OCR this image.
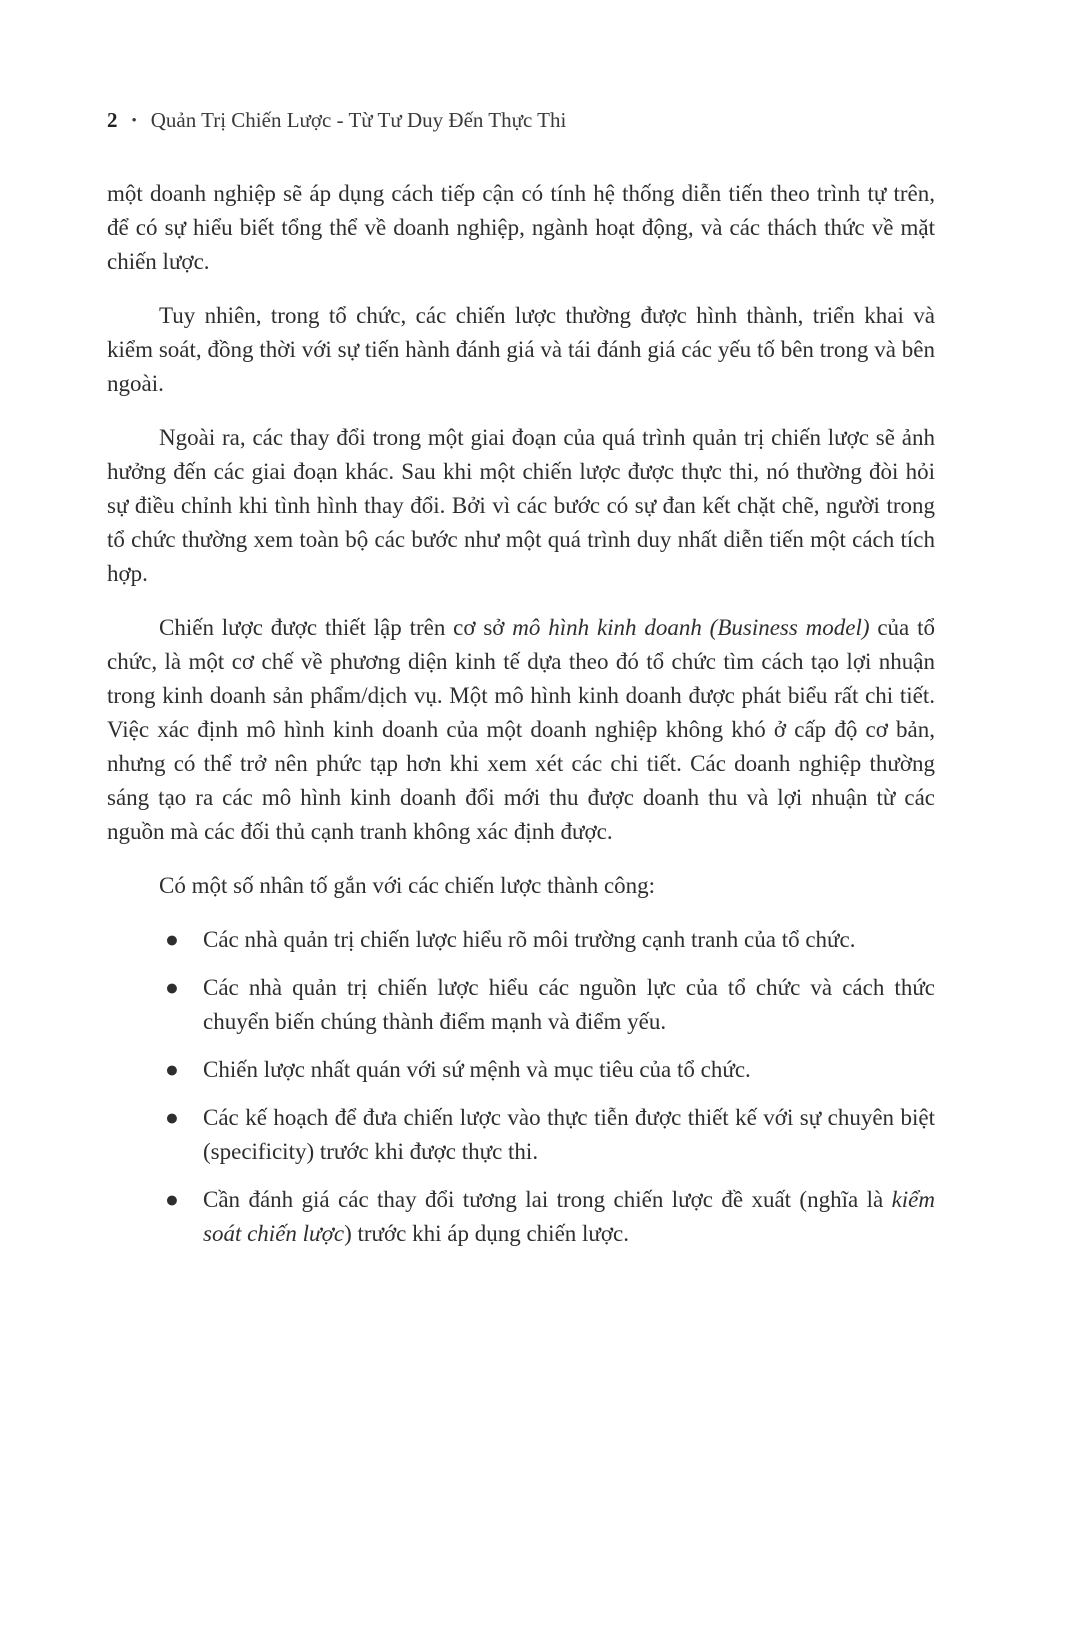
2 • Quản Trị Chiến Lược - Từ Tư Duy Đến Thực Thi

một doanh nghiệp sẽ áp dụng cách tiếp cận có tính hệ thống diễn tiến theo trình tự trên, để có sự hiểu biết tổng thể về doanh nghiệp, ngành hoạt động, và các thách thức về mặt chiến lược.

Tuy nhiên, trong tổ chức, các chiến lược thường được hình thành, triển khai và kiểm soát, đồng thời với sự tiến hành đánh giá và tái đánh giá các yếu tố bên trong và bên ngoài.

Ngoài ra, các thay đổi trong một giai đoạn của quá trình quản trị chiến lược sẽ ảnh hưởng đến các giai đoạn khác. Sau khi một chiến lược được thực thi, nó thường đòi hỏi sự điều chỉnh khi tình hình thay đổi. Bởi vì các bước có sự đan kết chặt chẽ, người trong tổ chức thường xem toàn bộ các bước như một quá trình duy nhất diễn tiến một cách tích hợp.

Chiến lược được thiết lập trên cơ sở mô hình kinh doanh (Business model) của tổ chức, là một cơ chế về phương diện kinh tế dựa theo đó tổ chức tìm cách tạo lợi nhuận trong kinh doanh sản phẩm/dịch vụ. Một mô hình kinh doanh được phát biểu rất chi tiết. Việc xác định mô hình kinh doanh của một doanh nghiệp không khó ở cấp độ cơ bản, nhưng có thể trở nên phức tạp hơn khi xem xét các chi tiết. Các doanh nghiệp thường sáng tạo ra các mô hình kinh doanh đổi mới thu được doanh thu và lợi nhuận từ các nguồn mà các đối thủ cạnh tranh không xác định được.

Có một số nhân tố gắn với các chiến lược thành công:

●	Các nhà quản trị chiến lược hiểu rõ môi trường cạnh tranh của tổ chức.
●	Các nhà quản trị chiến lược hiểu các nguồn lực của tổ chức và cách thức chuyển biến chúng thành điểm mạnh và điểm yếu.
●	Chiến lược nhất quán với sứ mệnh và mục tiêu của tổ chức.
●	Các kế hoạch để đưa chiến lược vào thực tiễn được thiết kế với sự chuyên biệt (specificity) trước khi được thực thi.
●	Cần đánh giá các thay đổi tương lai trong chiến lược đề xuất (nghĩa là kiểm soát chiến lược) trước khi áp dụng chiến lược.
